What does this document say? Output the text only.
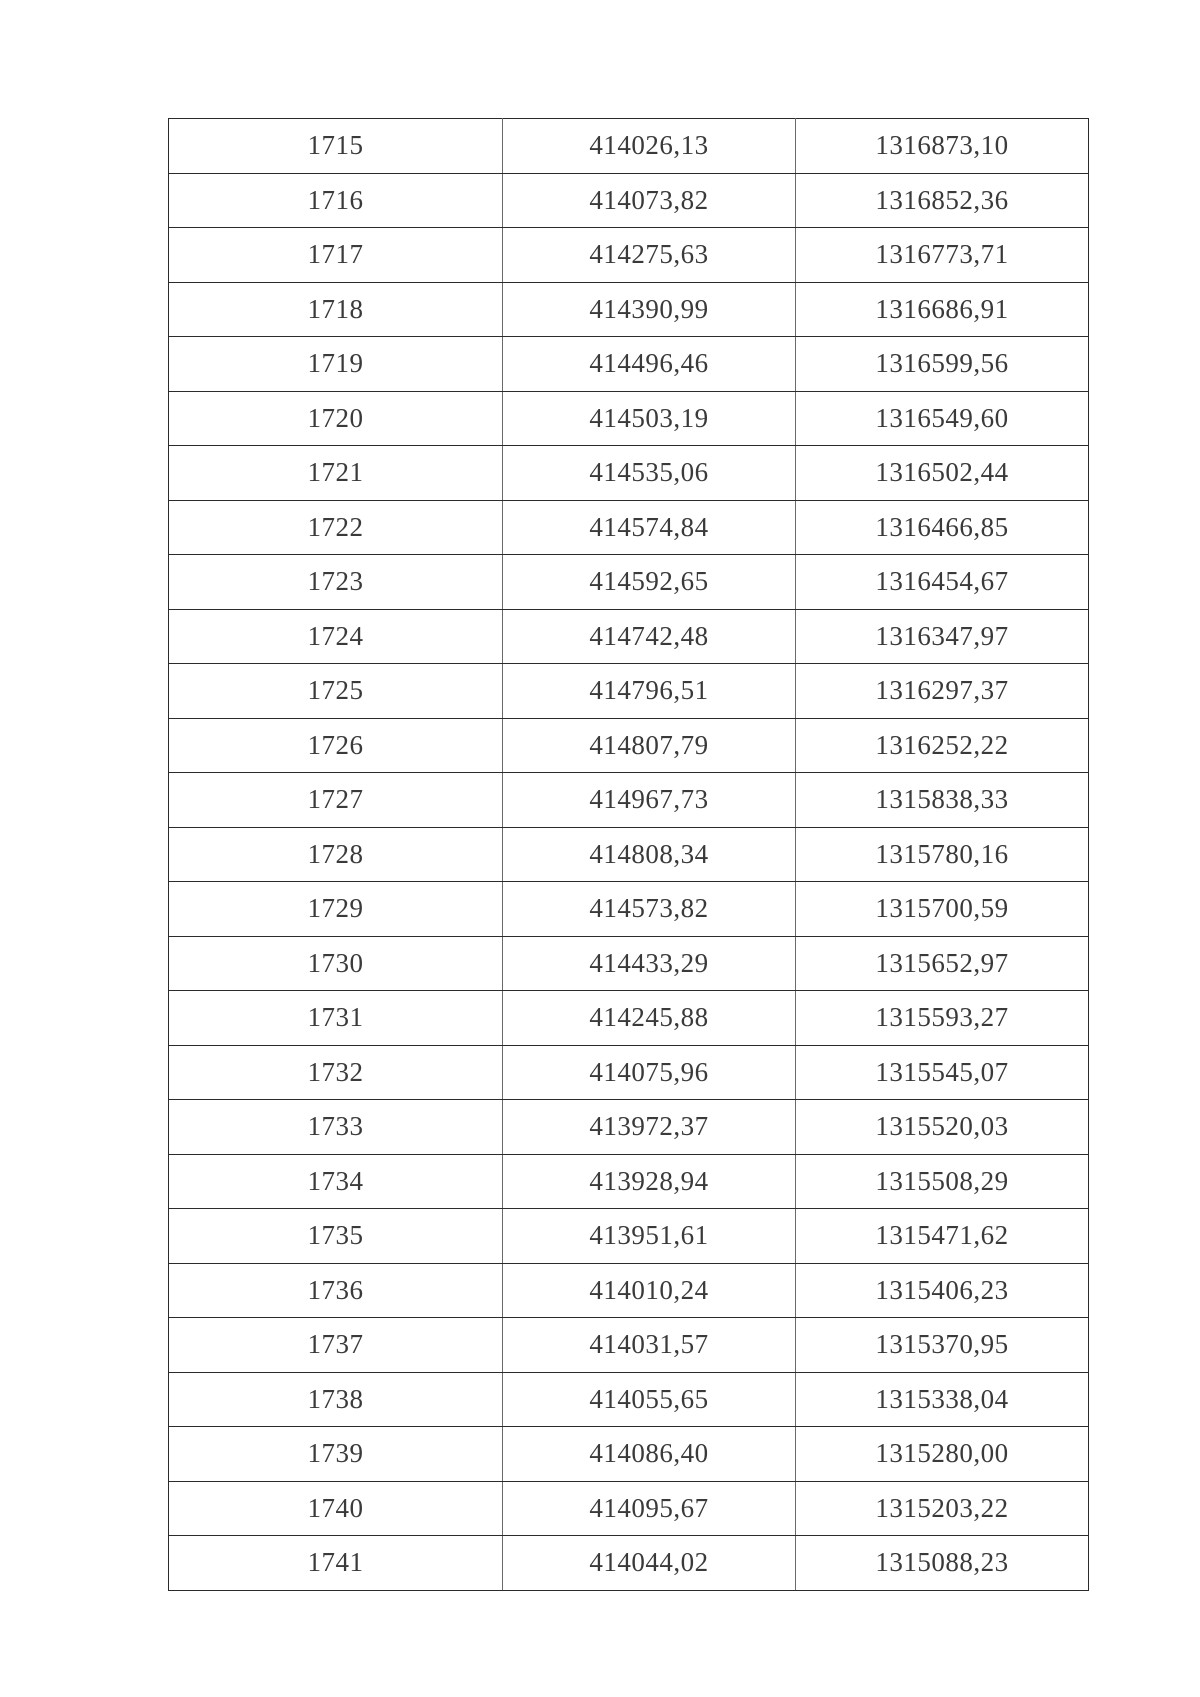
1715	414026,13	1316873,10
1716	414073,82	1316852,36
1717	414275,63	1316773,71
1718	414390,99	1316686,91
1719	414496,46	1316599,56
1720	414503,19	1316549,60
1721	414535,06	1316502,44
1722	414574,84	1316466,85
1723	414592,65	1316454,67
1724	414742,48	1316347,97
1725	414796,51	1316297,37
1726	414807,79	1316252,22
1727	414967,73	1315838,33
1728	414808,34	1315780,16
1729	414573,82	1315700,59
1730	414433,29	1315652,97
1731	414245,88	1315593,27
1732	414075,96	1315545,07
1733	413972,37	1315520,03
1734	413928,94	1315508,29
1735	413951,61	1315471,62
1736	414010,24	1315406,23
1737	414031,57	1315370,95
1738	414055,65	1315338,04
1739	414086,40	1315280,00
1740	414095,67	1315203,22
1741	414044,02	1315088,23
